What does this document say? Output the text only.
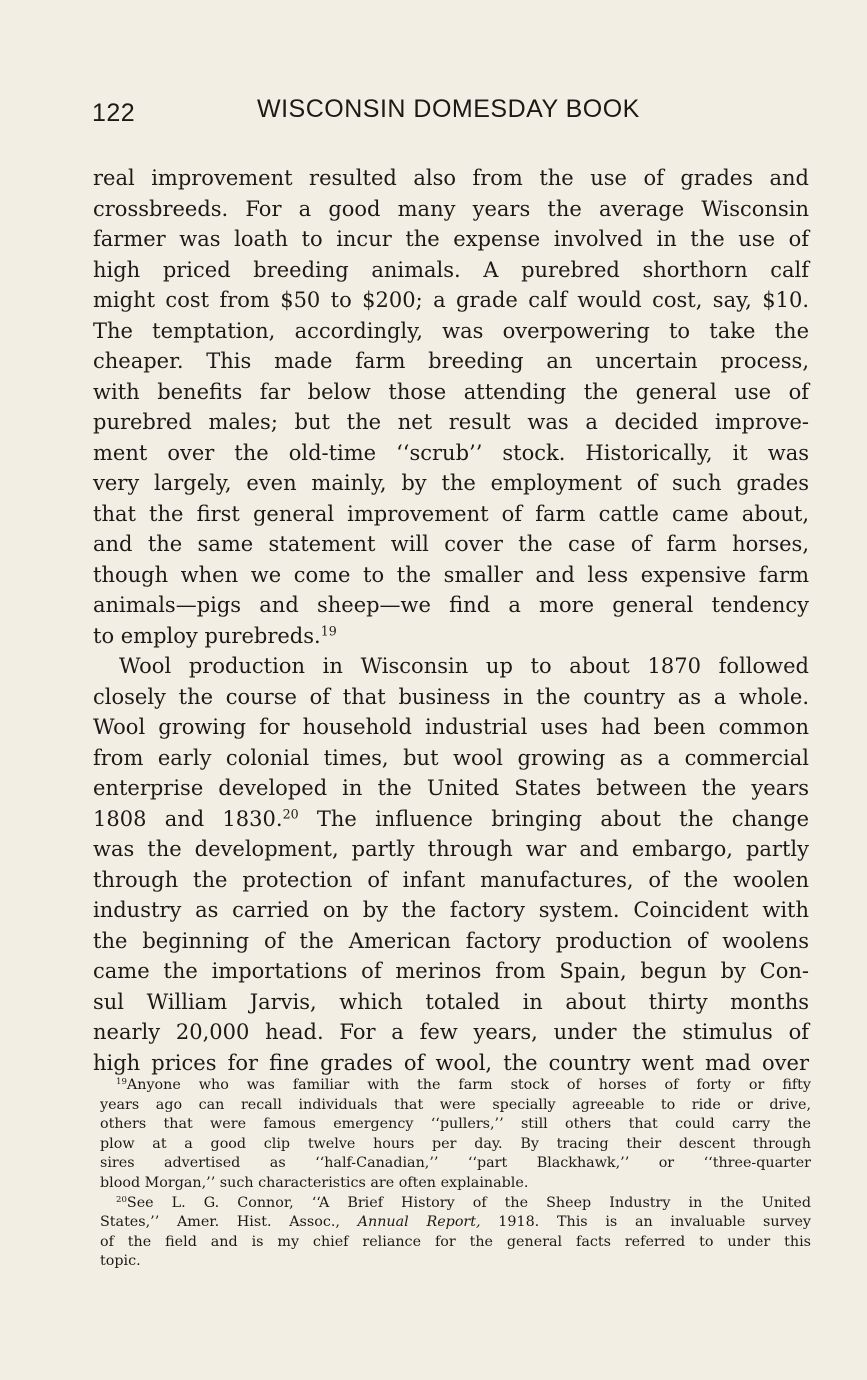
122	WISCONSIN DOMESDAY BOOK
real improvement resulted also from the use of grades and
crossbreeds. For a good many years the average Wisconsin
farmer was loath to incur the expense involved in the use of
high priced breeding animals. A purebred shorthorn calf
might cost from $50 to $200; a grade calf would cost, say, $10.
The temptation, accordingly, was overpowering to take the
cheaper. This made farm breeding an uncertain process,
with benefits far below those attending the general use of
purebred males; but the net result was a decided improve-
ment over the old-time ‘‘scrub’’ stock. Historically, it was
very largely, even mainly, by the employment of such grades
that the first general improvement of farm cattle came about,
and the same statement will cover the case of farm horses,
though when we come to the smaller and less expensive farm
animals—pigs and sheep—we find a more general tendency
to employ purebreds.$^{19}$
Wool production in Wisconsin up to about 1870 followed
closely the course of that business in the country as a whole.
Wool growing for household industrial uses had been common
from early colonial times, but wool growing as a commercial
enterprise developed in the United States between the years
1808 and 1830.20 The influence bringing about the change
was the development, partly through war and embargo, partly
through the protection of infant manufactures, of the woolen
industry as carried on by the factory system. Coincident with
the beginning of the American factory production of woolens
came the importations of merinos from Spain, begun by Con-
sul William Jarvis, which totaled in about thirty months
nearly 20,000 head. For a few years, under the stimulus of
high prices for fine grades of wool, the country went mad over
$^{19}$Anyone who was familiar with the farm stock of horses of forty or fifty
years ago can recall individuals that were specially agreeable to ride or drive,
others that were famous emergency ‘‘pullers,’’ still others that could carry the
plow at a good clip twelve hours per day. By tracing their descent through
sires advertised as ‘‘half-Canadian,’’ ‘‘part Blackhawk,’’ or ‘‘three-quarter
blood Morgan,’’ such characteristics are often explainable.
$^{20}$See L. G. Connor, ‘‘A Brief History of the Sheep Industry in the United
States,’’ Amer. Hist. Assoc., Annual Report, 1918. This is an invaluable survey
of the field and is my chief reliance for the general facts referred to under this
topic.
